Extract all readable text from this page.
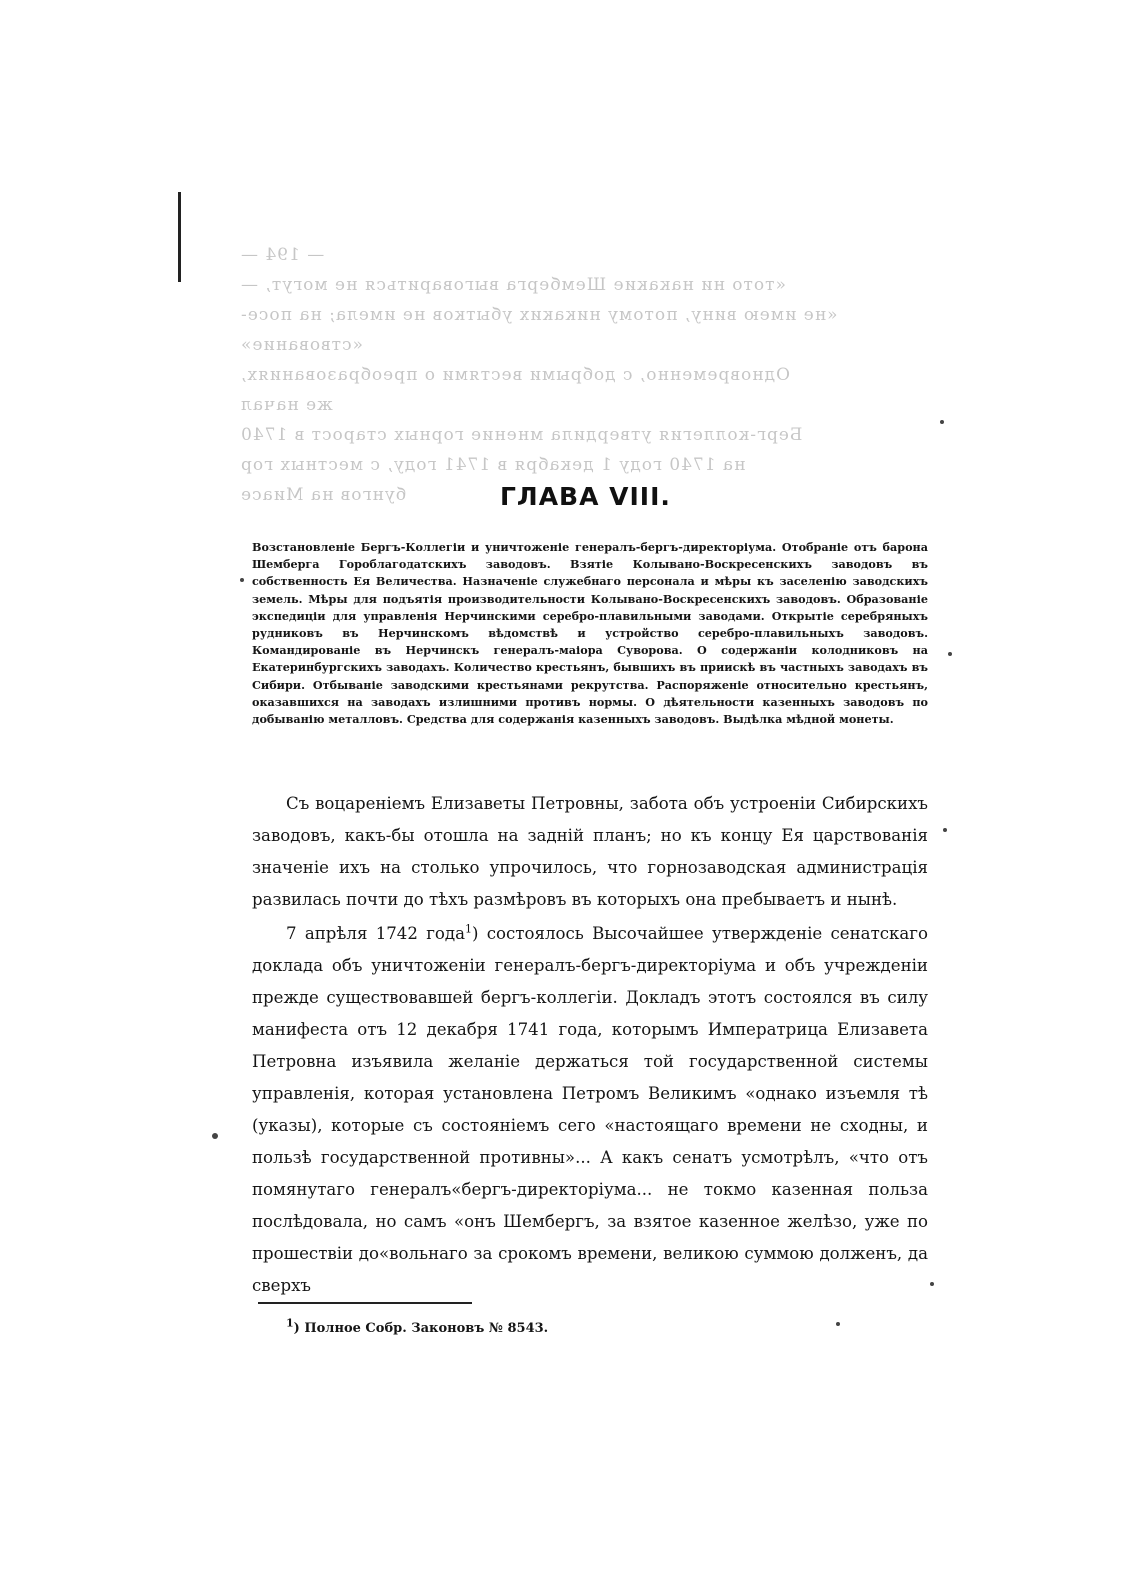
— 194 —
«тото ни накакие Шемберга выговариться не могут, —
«не имею вину, потому никаких убытков не имела; на посе-
«ствование»
Одновременно, с добрыми вестями о преобразованиях,
же начал
Берг-коллегия утвердила мнение горных старост в 1740
на 1740 году 1 декабря в 1741 году, с местных гор
бунгов на Миасе	ГЛАВА VIII.
Возстановленіе Бергъ-Коллегіи и уничтоженіе генералъ-бергъ-директоріума. Отобраніе отъ барона Шемберга Гороблагодатскихъ заводовъ. Взятіе Колывано-Воскресенскихъ заводовъ въ собственность Ея Величества. Назначеніе служебнаго персонала и мѣры къ заселенію заводскихъ земель. Мѣры для подъятія производительности Колывано-Воскресенскихъ заводовъ. Образованіе экспедиціи для управленія Нерчинскими серебро-плавильными заводами. Открытіе серебряныхъ рудниковъ въ Нерчинскомъ вѣдомствѣ и устройство серебро-плавильныхъ заводовъ. Командированіе въ Нерчинскъ генералъ-маіора Суворова. О содержаніи колодниковъ на Екатеринбургскихъ заводахъ. Количество крестьянъ, бывшихъ въ приискѣ въ частныхъ заводахъ въ Сибири. Отбываніе заводскими крестьянами рекрутства. Распоряженіе относительно крестьянъ, оказавшихся на заводахъ излишними противъ нормы. О дѣятельности казенныхъ заводовъ по добыванію металловъ. Средства для содержанія казенныхъ заводовъ. Выдѣлка мѣдной монеты.

Съ воцареніемъ Елизаветы Петровны, забота объ устроеніи Сибирскихъ заводовъ, какъ-бы отошла на задній планъ; но къ концу Ея царствованія значеніе ихъ на столько упрочилось, что горнозаводская администрація развилась почти до тѣхъ размѣровъ въ которыхъ она пребываетъ и нынѣ.

7 апрѣля 1742 года$^1$) состоялось Высочайшее утвержденіе сенатскаго доклада объ уничтоженіи генералъ-бергъ-директоріума и объ учрежденіи прежде существовавшей бергъ-коллегіи. Докладъ этотъ состоялся въ силу манифеста отъ 12 декабря 1741 года, которымъ Императрица Елизавета Петровна изъявила желаніе держаться той государственной системы управленія, которая установлена Петромъ Великимъ «однако изъемля тѣ (указы), которые съ состояніемъ сего «настоящаго времени не сходны, и пользѣ государственной противны»... А какъ сенатъ усмотрѣлъ, «что отъ помянутаго генералъ«бергъ-директоріума... не токмо казенная польза послѣдовала, но самъ «онъ Шембергъ, за взятое казенное желѣзо, уже по прошествіи до«вольнаго за срокомъ времени, великою суммою долженъ, да сверхъ

$^1$) Полное Собр. Законовъ № 8543.
